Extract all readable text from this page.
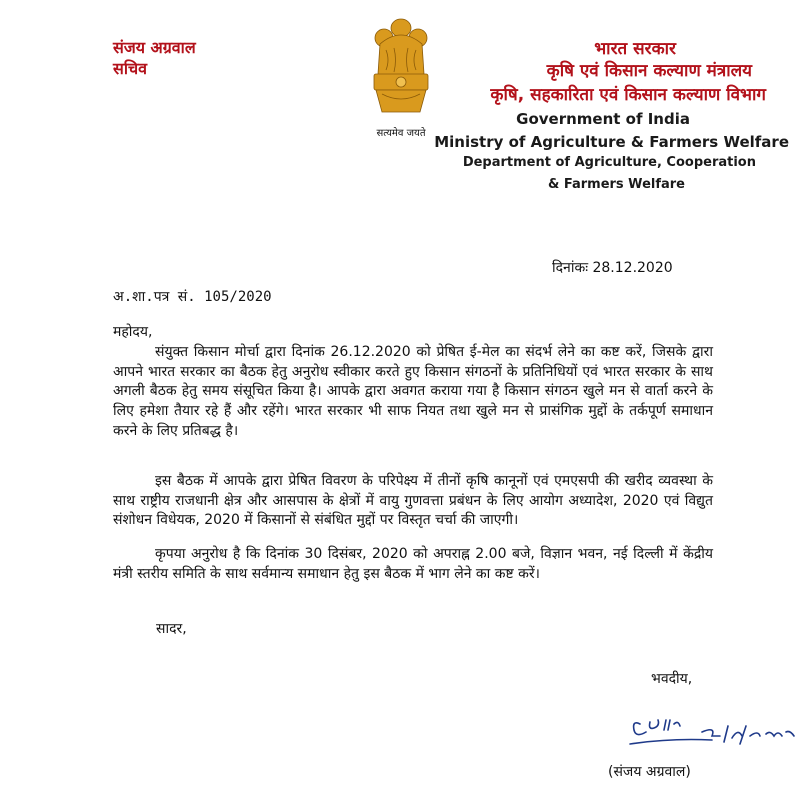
संजय अग्रवाल
सचिव
सत्यमेव जयते
भारत सरकार
कृषि एवं किसान कल्याण मंत्रालय
कृषि, सहकारिता एवं किसान कल्याण विभाग
Government of India
Ministry of Agriculture & Farmers Welfare
Department of Agriculture, Cooperation
& Farmers Welfare
दिनांकः 28.12.2020
अ.शा.पत्र सं. 105/2020
महोदय,
संयुक्त किसान मोर्चा द्वारा दिनांक 26.12.2020 को प्रेषित ई-मेल का संदर्भ लेने का कष्ट करें, जिसके द्वारा आपने भारत सरकार का बैठक हेतु अनुरोध स्वीकार करते हुए किसान संगठनों के प्रतिनिधियों एवं भारत सरकार के साथ अगली बैठक हेतु समय संसूचित किया है। आपके द्वारा अवगत कराया गया है किसान संगठन खुले मन से वार्ता करने के लिए हमेशा तैयार रहे हैं और रहेंगे। भारत सरकार भी साफ नियत तथा खुले मन से प्रासंगिक मुद्दों के तर्कपूर्ण समाधान करने के लिए प्रतिबद्ध है।
इस बैठक में आपके द्वारा प्रेषित विवरण के परिपेक्ष्य में तीनों कृषि कानूनों एवं एमएसपी की खरीद व्यवस्था के साथ राष्ट्रीय राजधानी क्षेत्र और आसपास के क्षेत्रों में वायु गुणवत्ता प्रबंधन के लिए आयोग अध्यादेश, 2020 एवं विद्युत संशोधन विधेयक, 2020 में किसानों से संबंधित मुद्दों पर विस्तृत चर्चा की जाएगी।
कृपया अनुरोध है कि दिनांक 30 दिसंबर, 2020 को अपराह्न 2.00 बजे, विज्ञान भवन, नई दिल्ली में केंद्रीय मंत्री स्तरीय समिति के साथ सर्वमान्य समाधान हेतु इस बैठक में भाग लेने का कष्ट करें।
सादर,
भवदीय,
(संजय अग्रवाल)
